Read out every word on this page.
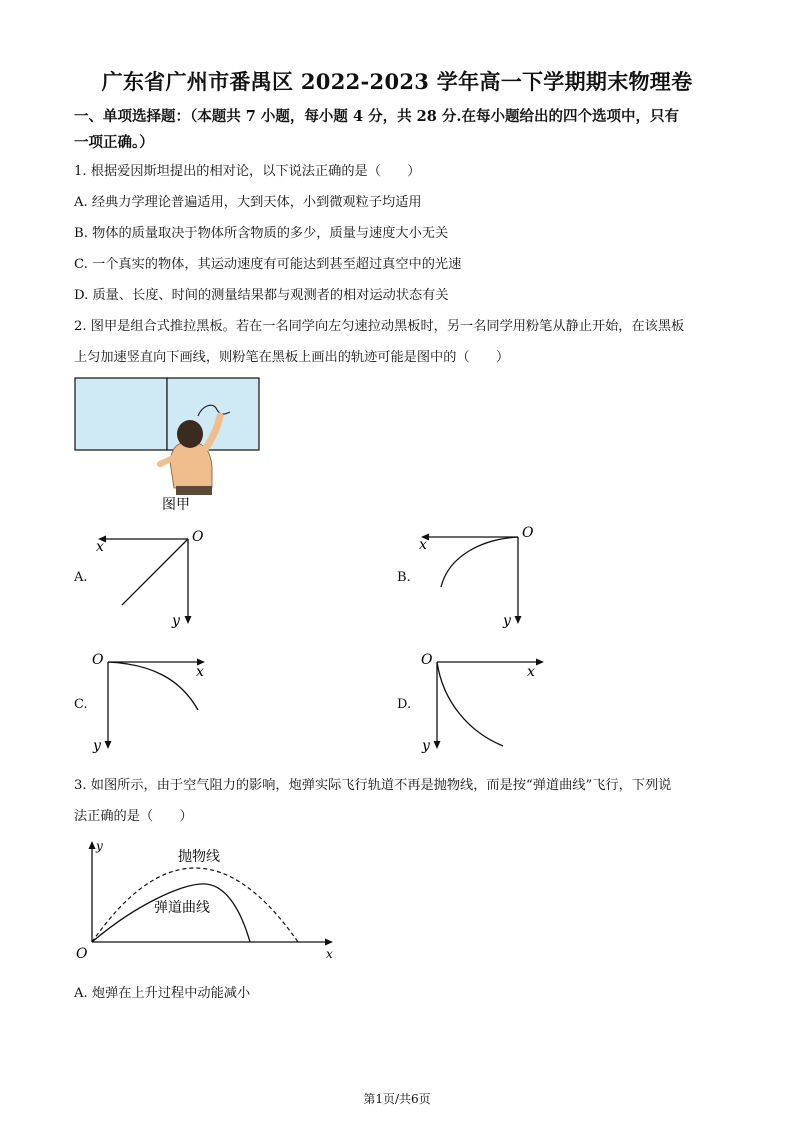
广东省广州市番禺区 2022-2023 学年高一下学期期末物理卷
一、单项选择题：（本题共 7 小题，每小题 4 分，共 28 分.在每小题给出的四个选项中，只有
一项正确。）
1. 根据爱因斯坦提出的相对论，以下说法正确的是（　　）
A. 经典力学理论普遍适用，大到天体，小到微观粒子均适用
B. 物体的质量取决于物体所含物质的多少，质量与速度大小无关
C. 一个真实的物体，其运动速度有可能达到甚至超过真空中的光速
D. 质量、长度、时间的测量结果都与观测者的相对运动状态有关
2. 图甲是组合式推拉黑板。若在一名同学向左匀速拉动黑板时，另一名同学用粉笔从静止开始，在该黑板
上匀加速竖直向下画线，则粉笔在黑板上画出的轨迹可能是图中的（　　）
图甲
A.
O
x
y
B.
O
x
y
C.
O
x
y
D.
O
x
y
3. 如图所示，由于空气阻力的影响，炮弹实际飞行轨道不再是抛物线，而是按“弹道曲线”飞行，下列说
法正确的是（　　）
抛物线
弹道曲线
O	x
y
A. 炮弹在上升过程中动能减小
第1页/共6页
